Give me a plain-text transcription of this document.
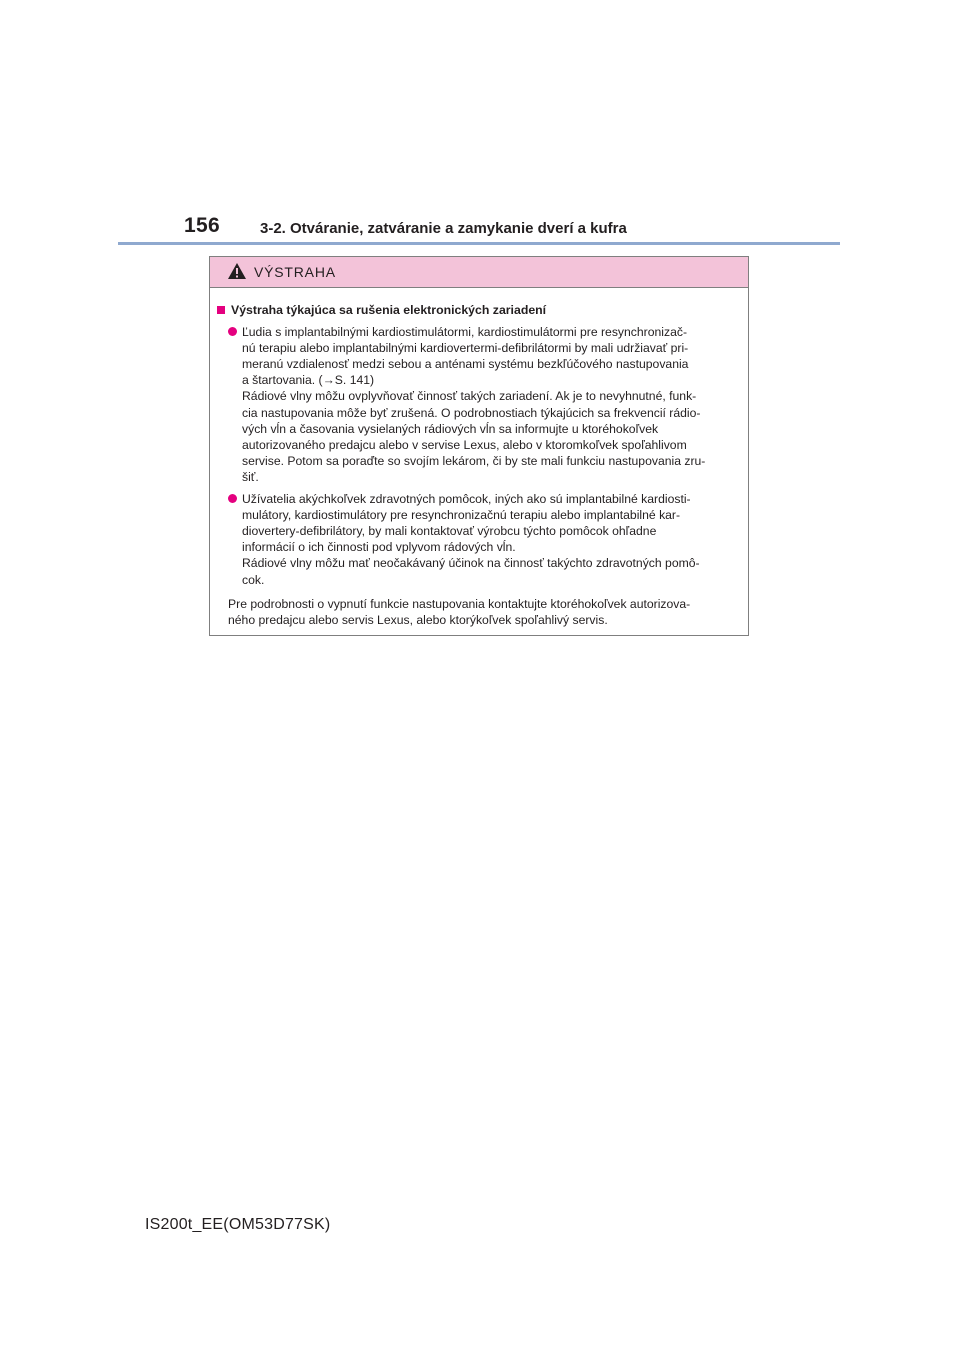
156	3-2. Otváranie, zatváranie a zamykanie dverí a kufra
VÝSTRAHA
Výstraha týkajúca sa rušenia elektronických zariadení
Ľudia s implantabilnými kardiostimulátormi, kardiostimulátormi pre resynchronizač-
nú terapiu alebo implantabilnými kardiovertermi-defibrilátormi by mali udržiavať pri-
meranú vzdialenosť medzi sebou a anténami systému bezkľúčového nastupovania
a štartovania. (→S. 141)
Rádiové vlny môžu ovplyvňovať činnosť takých zariadení. Ak je to nevyhnutné, funk-
cia nastupovania môže byť zrušená. O podrobnostiach týkajúcich sa frekvencií rádio-
vých vĺn a časovania vysielaných rádiových vĺn sa informujte u ktoréhokoľvek
autorizovaného predajcu alebo v servise Lexus, alebo v ktoromkoľvek spoľahlivom
servise. Potom sa poraďte so svojím lekárom, či by ste mali funkciu nastupovania zru-
šiť.
Užívatelia akýchkoľvek zdravotných pomôcok, iných ako sú implantabilné kardiosti-
mulátory, kardiostimulátory pre resynchronizačnú terapiu alebo implantabilné kar-
diovertery-defibrilátory, by mali kontaktovať výrobcu týchto pomôcok ohľadne
informácií o ich činnosti pod vplyvom rádových vĺn.
Rádiové vlny môžu mať neočakávaný účinok na činnosť takýchto zdravotných pomô-
cok.
Pre podrobnosti o vypnutí funkcie nastupovania kontaktujte ktoréhokoľvek autorizova-
ného predajcu alebo servis Lexus, alebo ktorýkoľvek spoľahlivý servis.
IS200t_EE(OM53D77SK)
